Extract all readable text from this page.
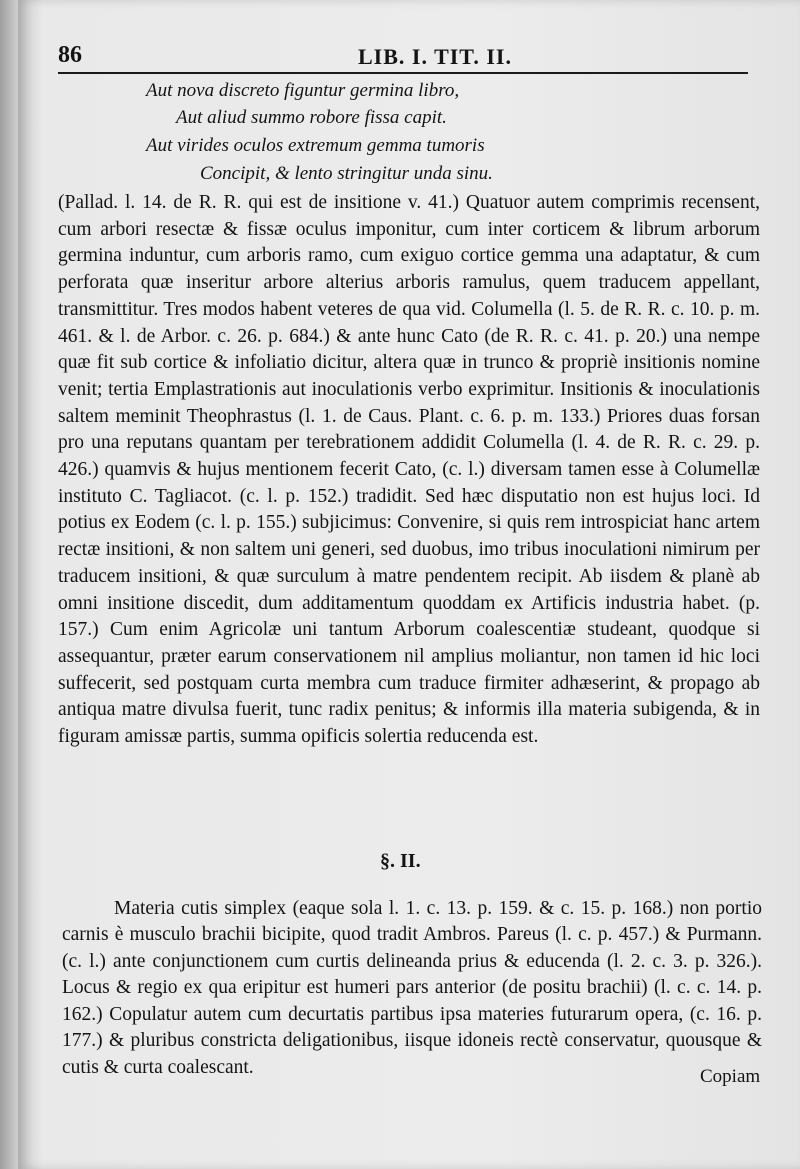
86	LIB. I. TIT. II.
Aut nova discreto figuntur germina libro,
Aut aliud summo robore fissa capit.
Aut virides oculos extremum gemma tumoris
Concipit, & lento stringitur unda sinu.

(Pallad. l. 14. de R. R. qui est de insitione v. 41.) Quatuor autem comprimis recensent, cum arbori resectæ & fissæ oculus imponitur, cum inter corticem & librum arborum germina induntur, cum arboris ramo, cum exiguo cortice gemma una adaptatur, & cum perforata quæ inseritur arbore alterius arboris ramulus, quem traducem appellant, transmittitur. Tres modos habent veteres de qua vid. Columella (l. 5. de R. R. c. 10. p. m. 461. & l. de Arbor. c. 26. p. 684.) & ante hunc Cato (de R. R. c. 41. p. 20.) una nempe quæ fit sub cortice & infoliatio dicitur, altera quæ in trunco & propriè insitionis nomine venit; tertia Emplastrationis aut inoculationis verbo exprimitur. Insitionis & inoculationis saltem meminit Theophrastus (l. 1. de Caus. Plant. c. 6. p. m. 133.) Priores duas forsan pro una reputans quantam per terebrationem addidit Columella (l. 4. de R. R. c. 29. p. 426.) quamvis & hujus mentionem fecerit Cato, (c. l.) diversam tamen esse à Columellæ instituto C. Tagliacot. (c. l. p. 152.) tradidit. Sed hæc disputatio non est hujus loci. Id potius ex Eodem (c. l. p. 155.) subjicimus: Convenire, si quis rem introspiciat hanc artem rectæ insitioni, & non saltem uni generi, sed duobus, imo tribus inoculationi nimirum per traducem insitioni, & quæ surculum à matre pendentem recipit. Ab iisdem & planè ab omni insitione discedit, dum additamentum quoddam ex Artificis industria habet. (p. 157.) Cum enim Agricolæ uni tantum Arborum coalescentiæ studeant, quodque si assequantur, præter earum conservationem nil amplius moliantur, non tamen id hic loci suffecerit, sed postquam curta membra cum traduce firmiter adhæserint, & propago ab antiqua matre divulsa fuerit, tunc radix penitus; & informis illa materia subigenda, & in figuram amissæ partis, summa opificis solertia reducenda est.

§. II.

Materia cutis simplex (eaque sola l. 1. c. 13. p. 159. & c. 15. p. 168.) non portio carnis è musculo brachii bicipite, quod tradit Ambros. Pareus (l. c. p. 457.) & Purmann. (c. l.) ante conjunctionem cum curtis delineanda prius & educenda (l. 2. c. 3. p. 326.). Locus & regio ex qua eripitur est humeri pars anterior (de positu brachii) (l. c. c. 14. p. 162.) Copulatur autem cum decurtatis partibus ipsa materies futurarum opera, (c. 16. p. 177.) & pluribus constricta deligationibus, iisque idoneis rectè conservatur, quousque & cutis & curta coalescant.	Copiam
